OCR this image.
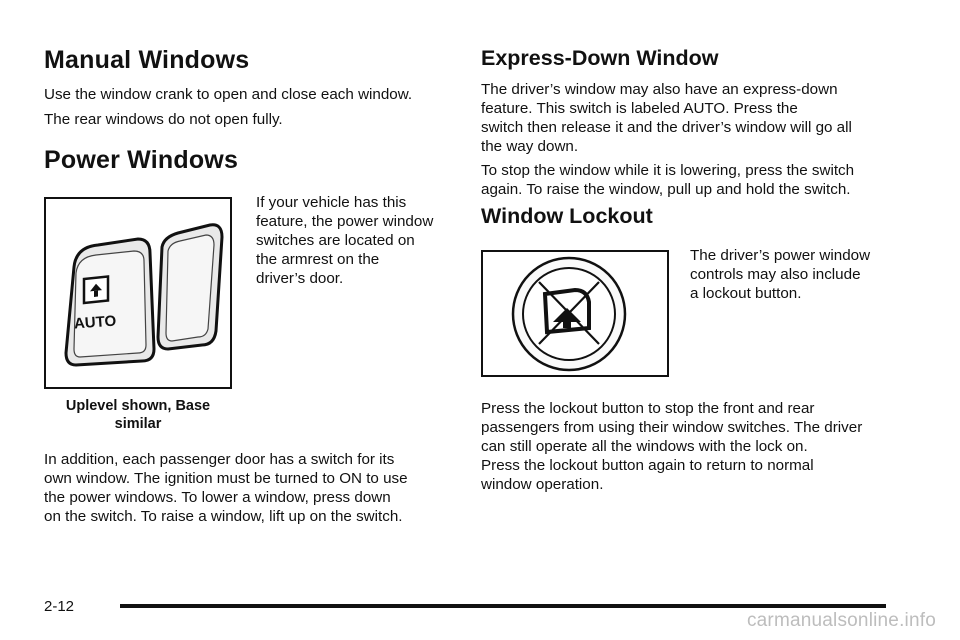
Manual Windows

Use the window crank to open and close each window.

The rear windows do not open fully.

Power Windows
AUTO

If your vehicle has this
feature, the power window
switches are located on
the armrest on the
driver’s door.

Uplevel shown, Base
similar

In addition, each passenger door has a switch for its
own window. The ignition must be turned to ON to use
the power windows. To lower a window, press down
on the switch. To raise a window, lift up on the switch.

Express-Down Window

The driver’s window may also have an express-down
feature. This switch is labeled AUTO. Press the
switch then release it and the driver’s window will go all
the way down.

To stop the window while it is lowering, press the switch
again. To raise the window, pull up and hold the switch.

Window Lockout

The driver’s power window
controls may also include
a lockout button.

Press the lockout button to stop the front and rear
passengers from using their window switches. The driver
can still operate all the windows with the lock on.
Press the lockout button again to return to normal
window operation.

2-12
carmanualsonline.info
